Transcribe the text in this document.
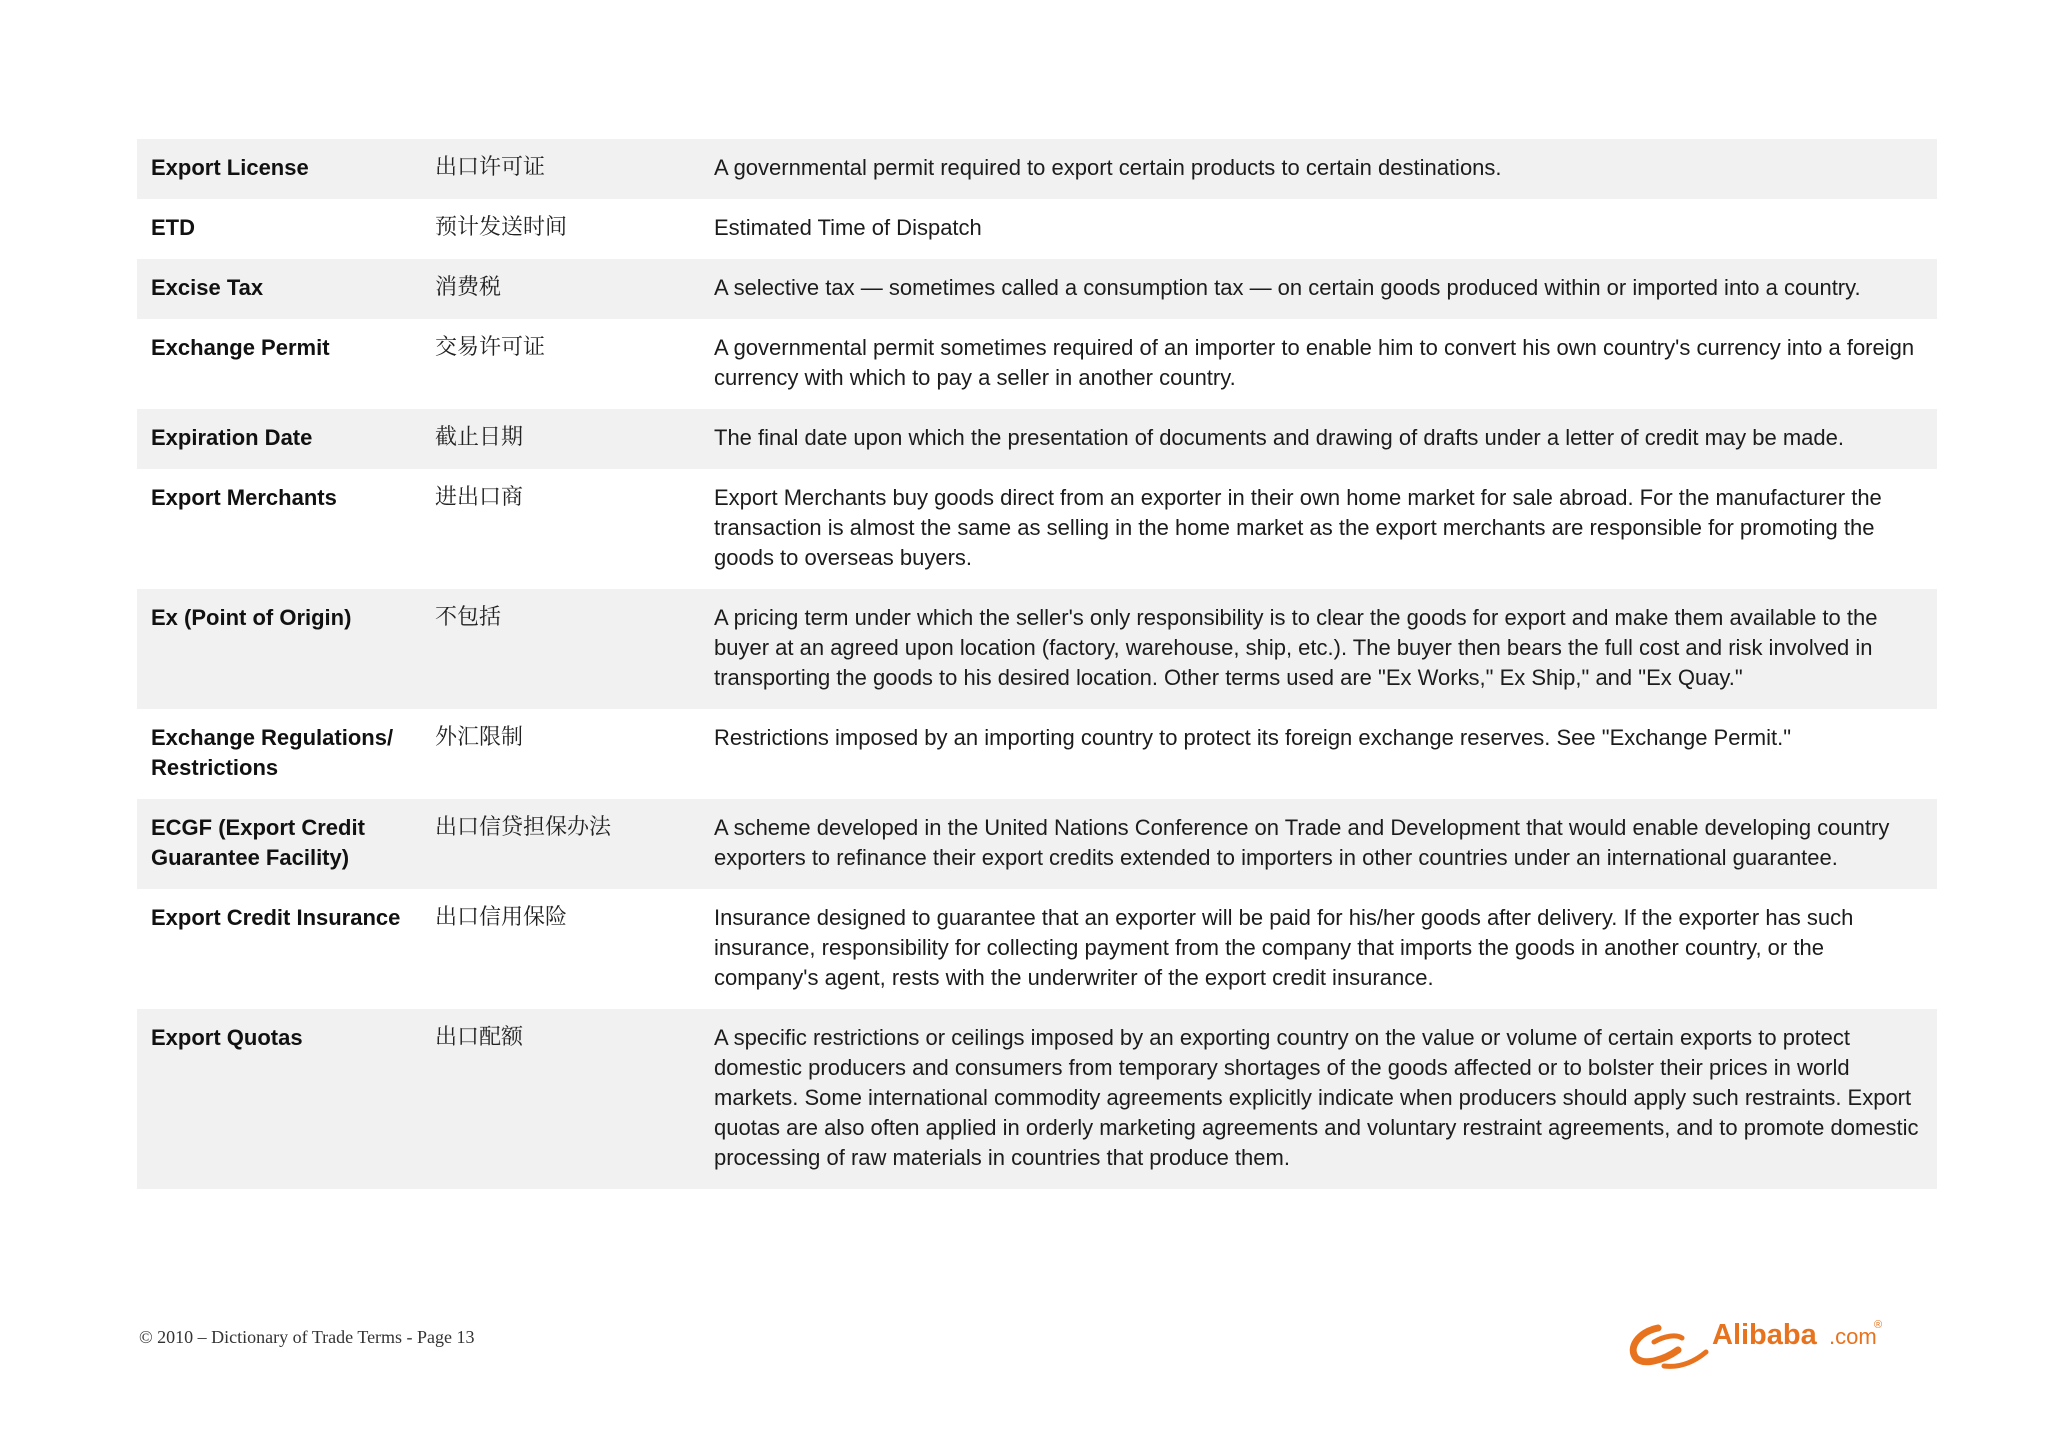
Export License	出口许可证	A governmental permit required to export certain products to certain destinations.
ETD	预计发送时间	Estimated Time of Dispatch
Excise Tax	消费税	A selective tax — sometimes called a consumption tax — on certain goods produced within or imported into a country.
Exchange Permit	交易许可证	A governmental permit sometimes required of an importer to enable him to convert his own country's currency into a foreign currency with which to pay a seller in another country.
Expiration Date	截止日期	The final date upon which the presentation of documents and drawing of drafts under a letter of credit may be made.
Export Merchants	进出口商	Export Merchants buy goods direct from an exporter in their own home market for sale abroad. For the manufacturer the transaction is almost the same as selling in the home market as the export merchants are responsible for promoting the goods to overseas buyers.
Ex (Point of Origin)	不包括	A pricing term under which the seller's only responsibility is to clear the goods for export and make them available to the buyer at an agreed upon location (factory, warehouse, ship, etc.). The buyer then bears the full cost and risk involved in transporting the goods to his desired location. Other terms used are "Ex Works," Ex Ship," and "Ex Quay."
Exchange Regulations/ Restrictions	外汇限制	Restrictions imposed by an importing country to protect its foreign exchange reserves. See "Exchange Permit."
ECGF (Export Credit Guarantee Facility)	出口信贷担保办法	A scheme developed in the United Nations Conference on Trade and Development that would enable developing country exporters to refinance their export credits extended to importers in other countries under an international guarantee.
Export Credit Insurance	出口信用保险	Insurance designed to guarantee that an exporter will be paid for his/her goods after delivery. If the exporter has such insurance, responsibility for collecting payment from the company that imports the goods in another country, or the company's agent, rests with the underwriter of the export credit insurance.
Export Quotas	出口配额	A specific restrictions or ceilings imposed by an exporting country on the value or volume of certain exports to protect domestic producers and consumers from temporary shortages of the goods affected or to bolster their prices in world markets. Some international commodity agreements explicitly indicate when producers should apply such restraints. Export quotas are also often applied in orderly marketing agreements and voluntary restraint agreements, and to promote domestic processing of raw materials in countries that produce them.
© 2010 – Dictionary of Trade Terms - Page 13	Alibaba .com
®
